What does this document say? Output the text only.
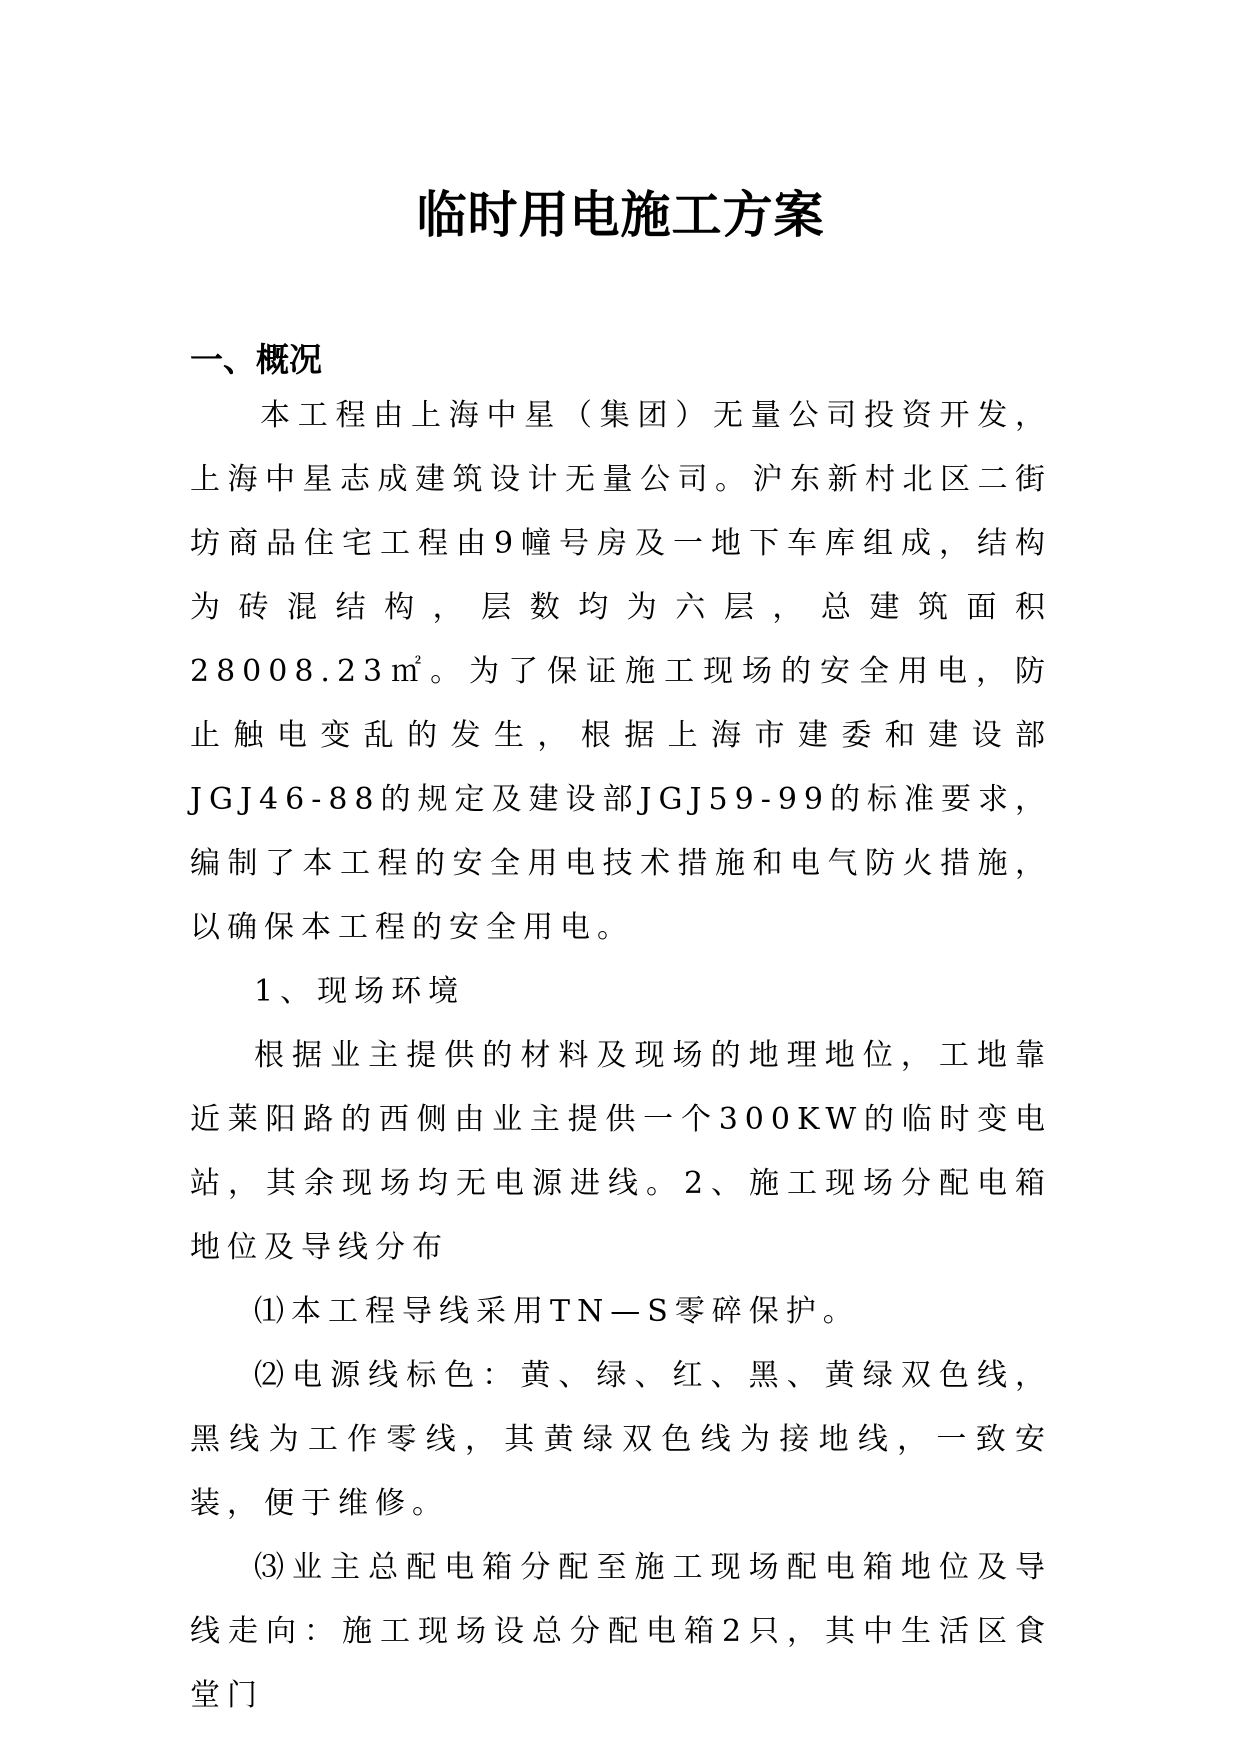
临时用电施工方案
一、概况

本工程由上海中星（集团）无量公司投资开发，上海中星志成建筑设计无量公司。沪东新村北区二街坊商品住宅工程由9幢号房及一地下车库组成，结构为砖混结构，层数均为六层，总建筑面积28008.23㎡。为了保证施工现场的安全用电，防止触电变乱的发生，根据上海市建委和建设部JGJ46-88的规定及建设部JGJ59-99的标准要求，编制了本工程的安全用电技术措施和电气防火措施，以确保本工程的安全用电。

1、现场环境

根据业主提供的材料及现场的地理地位，工地靠近莱阳路的西侧由业主提供一个300KW的临时变电站，其余现场均无电源进线。2、施工现场分配电箱地位及导线分布

⑴本工程导线采用TN—S零碎保护。

⑵电源线标色：黄、绿、红、黑、黄绿双色线，黑线为工作零线，其黄绿双色线为接地线，一致安装，便于维修。

⑶业主总配电箱分配至施工现场配电箱地位及导线走向：施工现场设总分配电箱2只，其中生活区食堂门
